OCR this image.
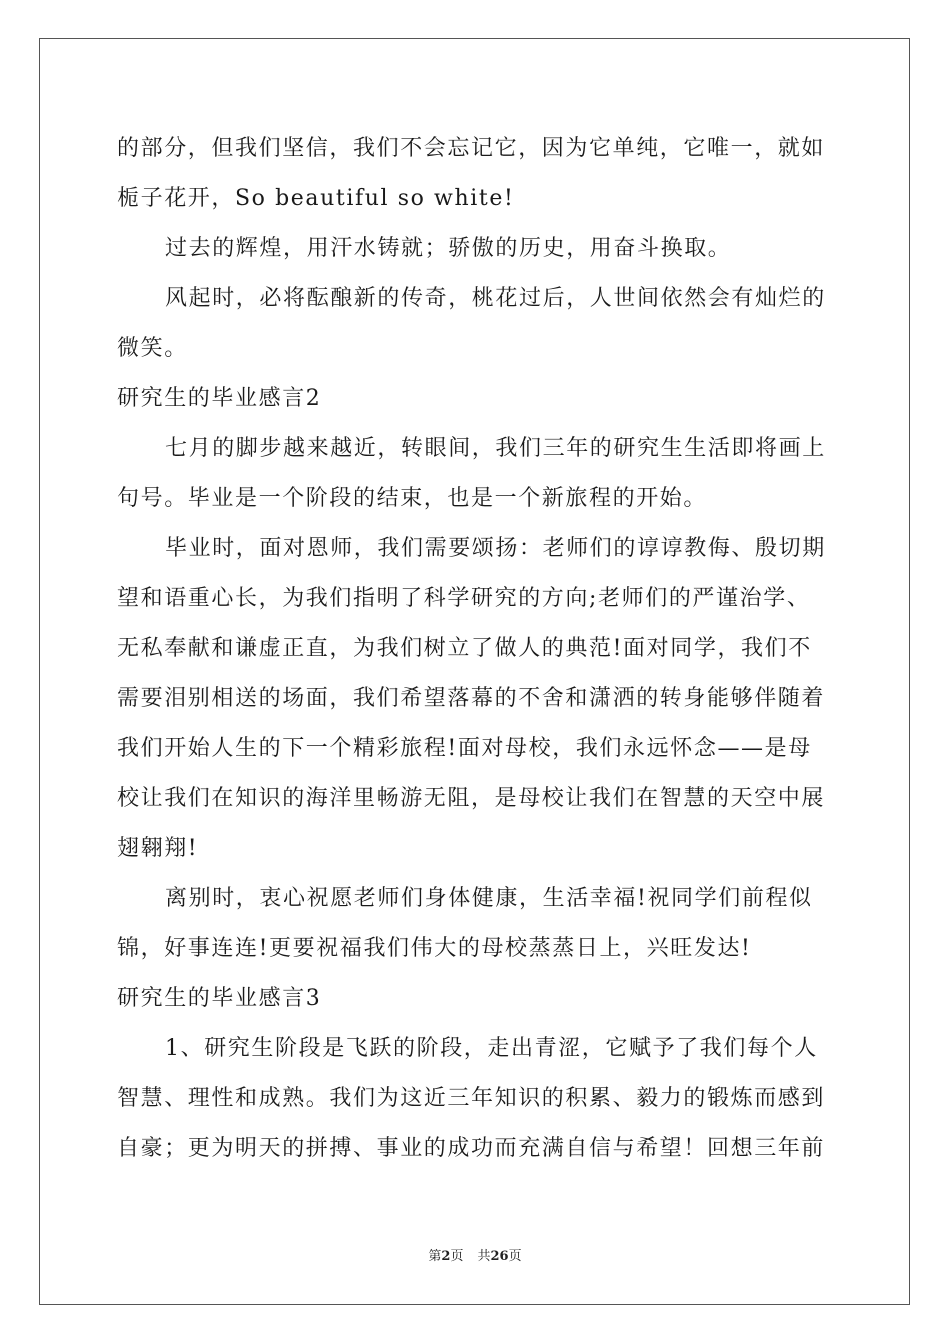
的部分，但我们坚信，我们不会忘记它，因为它单纯，它唯一，就如
栀子花开，So beautiful so white!
过去的辉煌，用汗水铸就；骄傲的历史，用奋斗换取。
风起时，必将酝酿新的传奇，桃花过后，人世间依然会有灿烂的
微笑。
研究生的毕业感言2
七月的脚步越来越近，转眼间，我们三年的研究生生活即将画上
句号。毕业是一个阶段的结束，也是一个新旅程的开始。
毕业时，面对恩师，我们需要颂扬：老师们的谆谆教侮、殷切期
望和语重心长，为我们指明了科学研究的方向;老师们的严谨治学、
无私奉献和谦虚正直，为我们树立了做人的典范!面对同学，我们不
需要泪别相送的场面，我们希望落幕的不舍和潇洒的转身能够伴随着
我们开始人生的下一个精彩旅程!面对母校，我们永远怀念——是母
校让我们在知识的海洋里畅游无阻，是母校让我们在智慧的天空中展
翅翱翔!
离别时，衷心祝愿老师们身体健康，生活幸福!祝同学们前程似
锦，好事连连!更要祝福我们伟大的母校蒸蒸日上，兴旺发达!
研究生的毕业感言3
1、研究生阶段是飞跃的阶段，走出青涩，它赋予了我们每个人
智慧、理性和成熟。我们为这近三年知识的积累、毅力的锻炼而感到
自豪；更为明天的拼搏、事业的成功而充满自信与希望！回想三年前
第2页 共26页
